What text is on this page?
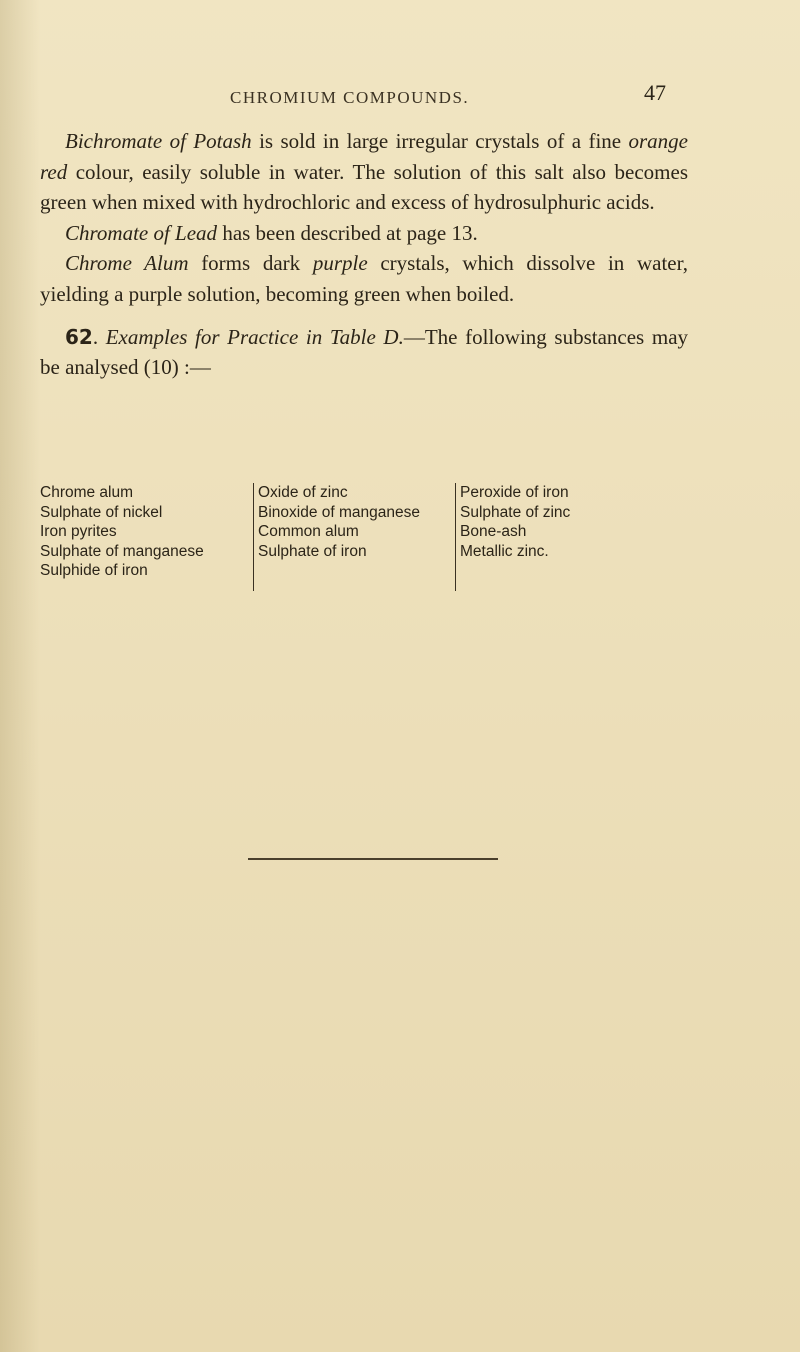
CHROMIUM COMPOUNDS.	47

Bichromate of Potash is sold in large irregular crystals of a fine orange red colour, easily soluble in water. The solution of this salt also becomes green when mixed with hydrochloric and excess of hydrosulphuric acids.

Chromate of Lead has been described at page 13.

Chrome Alum forms dark purple crystals, which dissolve in water, yielding a purple solution, becoming green when boiled.

62. Examples for Practice in Table D.—The following substances may be analysed (10) :—

Chrome alum
Sulphate of nickel
Iron pyrites
Sulphate of manganese
Sulphide of iron
Oxide of zinc
Binoxide of manganese
Common alum
Sulphate of iron
Peroxide of iron
Sulphate of zinc
Bone-ash
Metallic zinc.
